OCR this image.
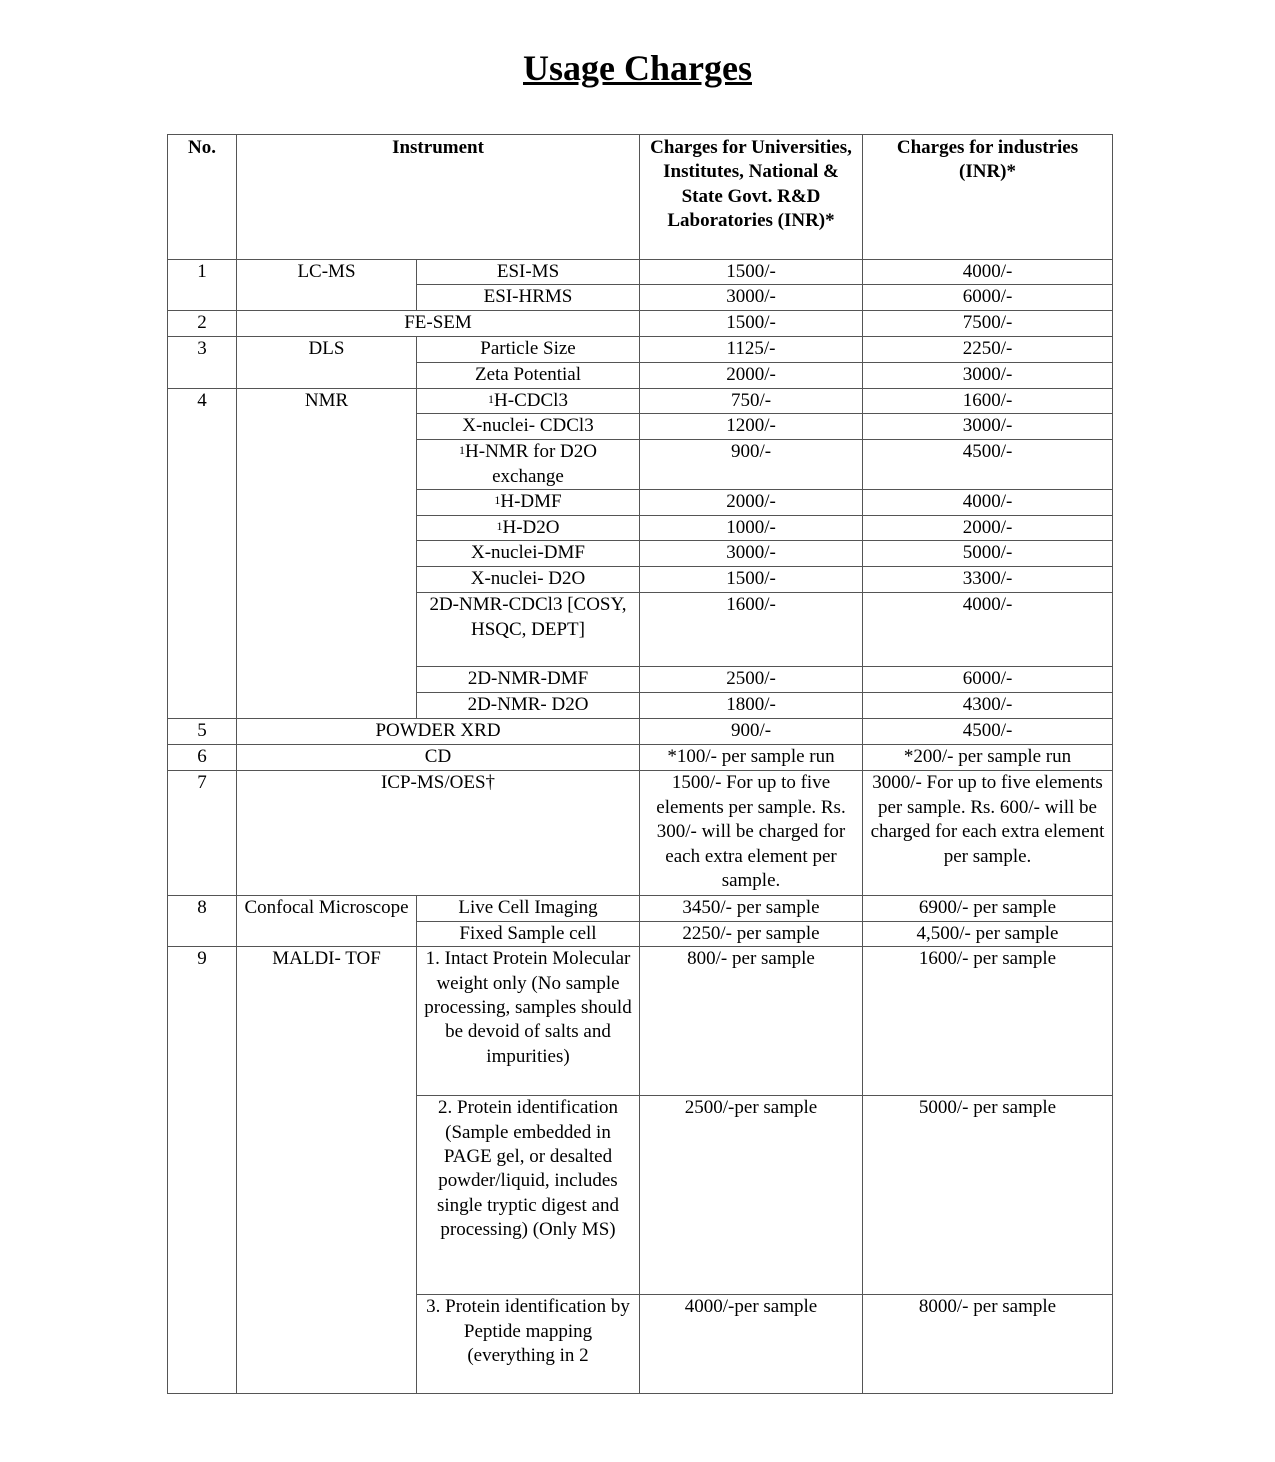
Usage Charges
No.	Instrument		Charges for Universities, Institutes, National & State Govt. R&D Laboratories (INR)*	Charges for industries (INR)*
1	LC-MS	ESI-MS	1500/-	4000/-
		ESI-HRMS	3000/-	6000/-
2	FE-SEM		1500/-	7500/-
3	DLS	Particle Size	1125/-	2250/-
		Zeta Potential	2000/-	3000/-
4	NMR	$^1$H-CDCl3	750/-	1600/-
		X-nuclei- CDCl3	1200/-	3000/-
		$^1$H-NMR for D2O exchange	900/-	4500/-
		$^1$H-DMF	2000/-	4000/-
		$^1$H-D2O	1000/-	2000/-
		X-nuclei-DMF	3000/-	5000/-
		X-nuclei- D2O	1500/-	3300/-
		2D-NMR-CDCl3 [COSY, HSQC, DEPT]	1600/-	4000/-
		2D-NMR-DMF	2500/-	6000/-
		2D-NMR- D2O	1800/-	4300/-
5	POWDER XRD		900/-	4500/-
6	CD		*100/- per sample run	*200/- per sample run
7	ICP-MS/OES†		1500/- For up to five elements per sample. Rs. 300/- will be charged for each extra element per sample.	3000/- For up to five elements per sample. Rs. 600/- will be charged for each extra element per sample.
8	Confocal Microscope	Live Cell Imaging	3450/- per sample	6900/- per sample
		Fixed Sample cell	2250/- per sample	4,500/- per sample
9	MALDI- TOF	1. Intact Protein Molecular weight only (No sample processing, samples should be devoid of salts and impurities)	800/- per sample	1600/- per sample
		2. Protein identification (Sample embedded in PAGE gel, or desalted powder/liquid, includes single tryptic digest and processing) (Only MS)	2500/-per sample	5000/- per sample
		3. Protein identification by Peptide mapping (everything in 2	4000/-per sample	8000/- per sample
